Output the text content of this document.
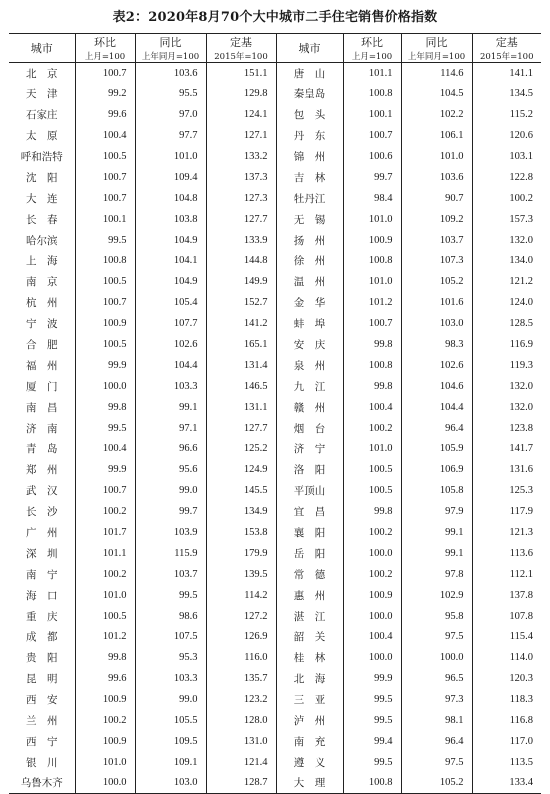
表2：2020年8月70个大中城市二手住宅销售价格指数
城市	环比	同比	定基	城市	环比	同比	定基
	上月=100	上年同月=100	2015年=100		上月=100	上年同月=100	2015年=100
北　京	100.7	103.6	151.1	唐　山	101.1	114.6	141.1
天　津	99.2	95.5	129.8	秦皇岛	100.8	104.5	134.5
石家庄	99.6	97.0	124.1	包　头	100.1	102.2	115.2
太　原	100.4	97.7	127.1	丹　东	100.7	106.1	120.6
呼和浩特	100.5	101.0	133.2	锦　州	100.6	101.0	103.1
沈　阳	100.7	109.4	137.3	吉　林	99.7	103.6	122.8
大　连	100.7	104.8	127.3	牡丹江	98.4	90.7	100.2
长　春	100.1	103.8	127.7	无　锡	101.0	109.2	157.3
哈尔滨	99.5	104.9	133.9	扬　州	100.9	103.7	132.0
上　海	100.8	104.1	144.8	徐　州	100.8	107.3	134.0
南　京	100.5	104.9	149.9	温　州	101.0	105.2	121.2
杭　州	100.7	105.4	152.7	金　华	101.2	101.6	124.0
宁　波	100.9	107.7	141.2	蚌　埠	100.7	103.0	128.5
合　肥	100.5	102.6	165.1	安　庆	99.8	98.3	116.9
福　州	99.9	104.4	131.4	泉　州	100.8	102.6	119.3
厦　门	100.0	103.3	146.5	九　江	99.8	104.6	132.0
南　昌	99.8	99.1	131.1	赣　州	100.4	104.4	132.0
济　南	99.5	97.1	127.7	烟　台	100.2	96.4	123.8
青　岛	100.4	96.6	125.2	济　宁	101.0	105.9	141.7
郑　州	99.9	95.6	124.9	洛　阳	100.5	106.9	131.6
武　汉	100.7	99.0	145.5	平顶山	100.5	105.8	125.3
长　沙	100.2	99.7	134.9	宜　昌	99.8	97.9	117.9
广　州	101.7	103.9	153.8	襄　阳	100.2	99.1	121.3
深　圳	101.1	115.9	179.9	岳　阳	100.0	99.1	113.6
南　宁	100.2	103.7	139.5	常　德	100.2	97.8	112.1
海　口	101.0	99.5	114.2	惠　州	100.9	102.9	137.8
重　庆	100.5	98.6	127.2	湛　江	100.0	95.8	107.8
成　都	101.2	107.5	126.9	韶　关	100.4	97.5	115.4
贵　阳	99.8	95.3	116.0	桂　林	100.0	100.0	114.0
昆　明	99.6	103.3	135.7	北　海	99.9	96.5	120.3
西　安	100.9	99.0	123.2	三　亚	99.5	97.3	118.3
兰　州	100.2	105.5	128.0	泸　州	99.5	98.1	116.8
西　宁	100.9	109.5	131.0	南　充	99.4	96.4	117.0
银　川	101.0	109.1	121.4	遵　义	99.5	97.5	113.5
乌鲁木齐	100.0	103.0	128.7	大　理	100.8	105.2	133.4
